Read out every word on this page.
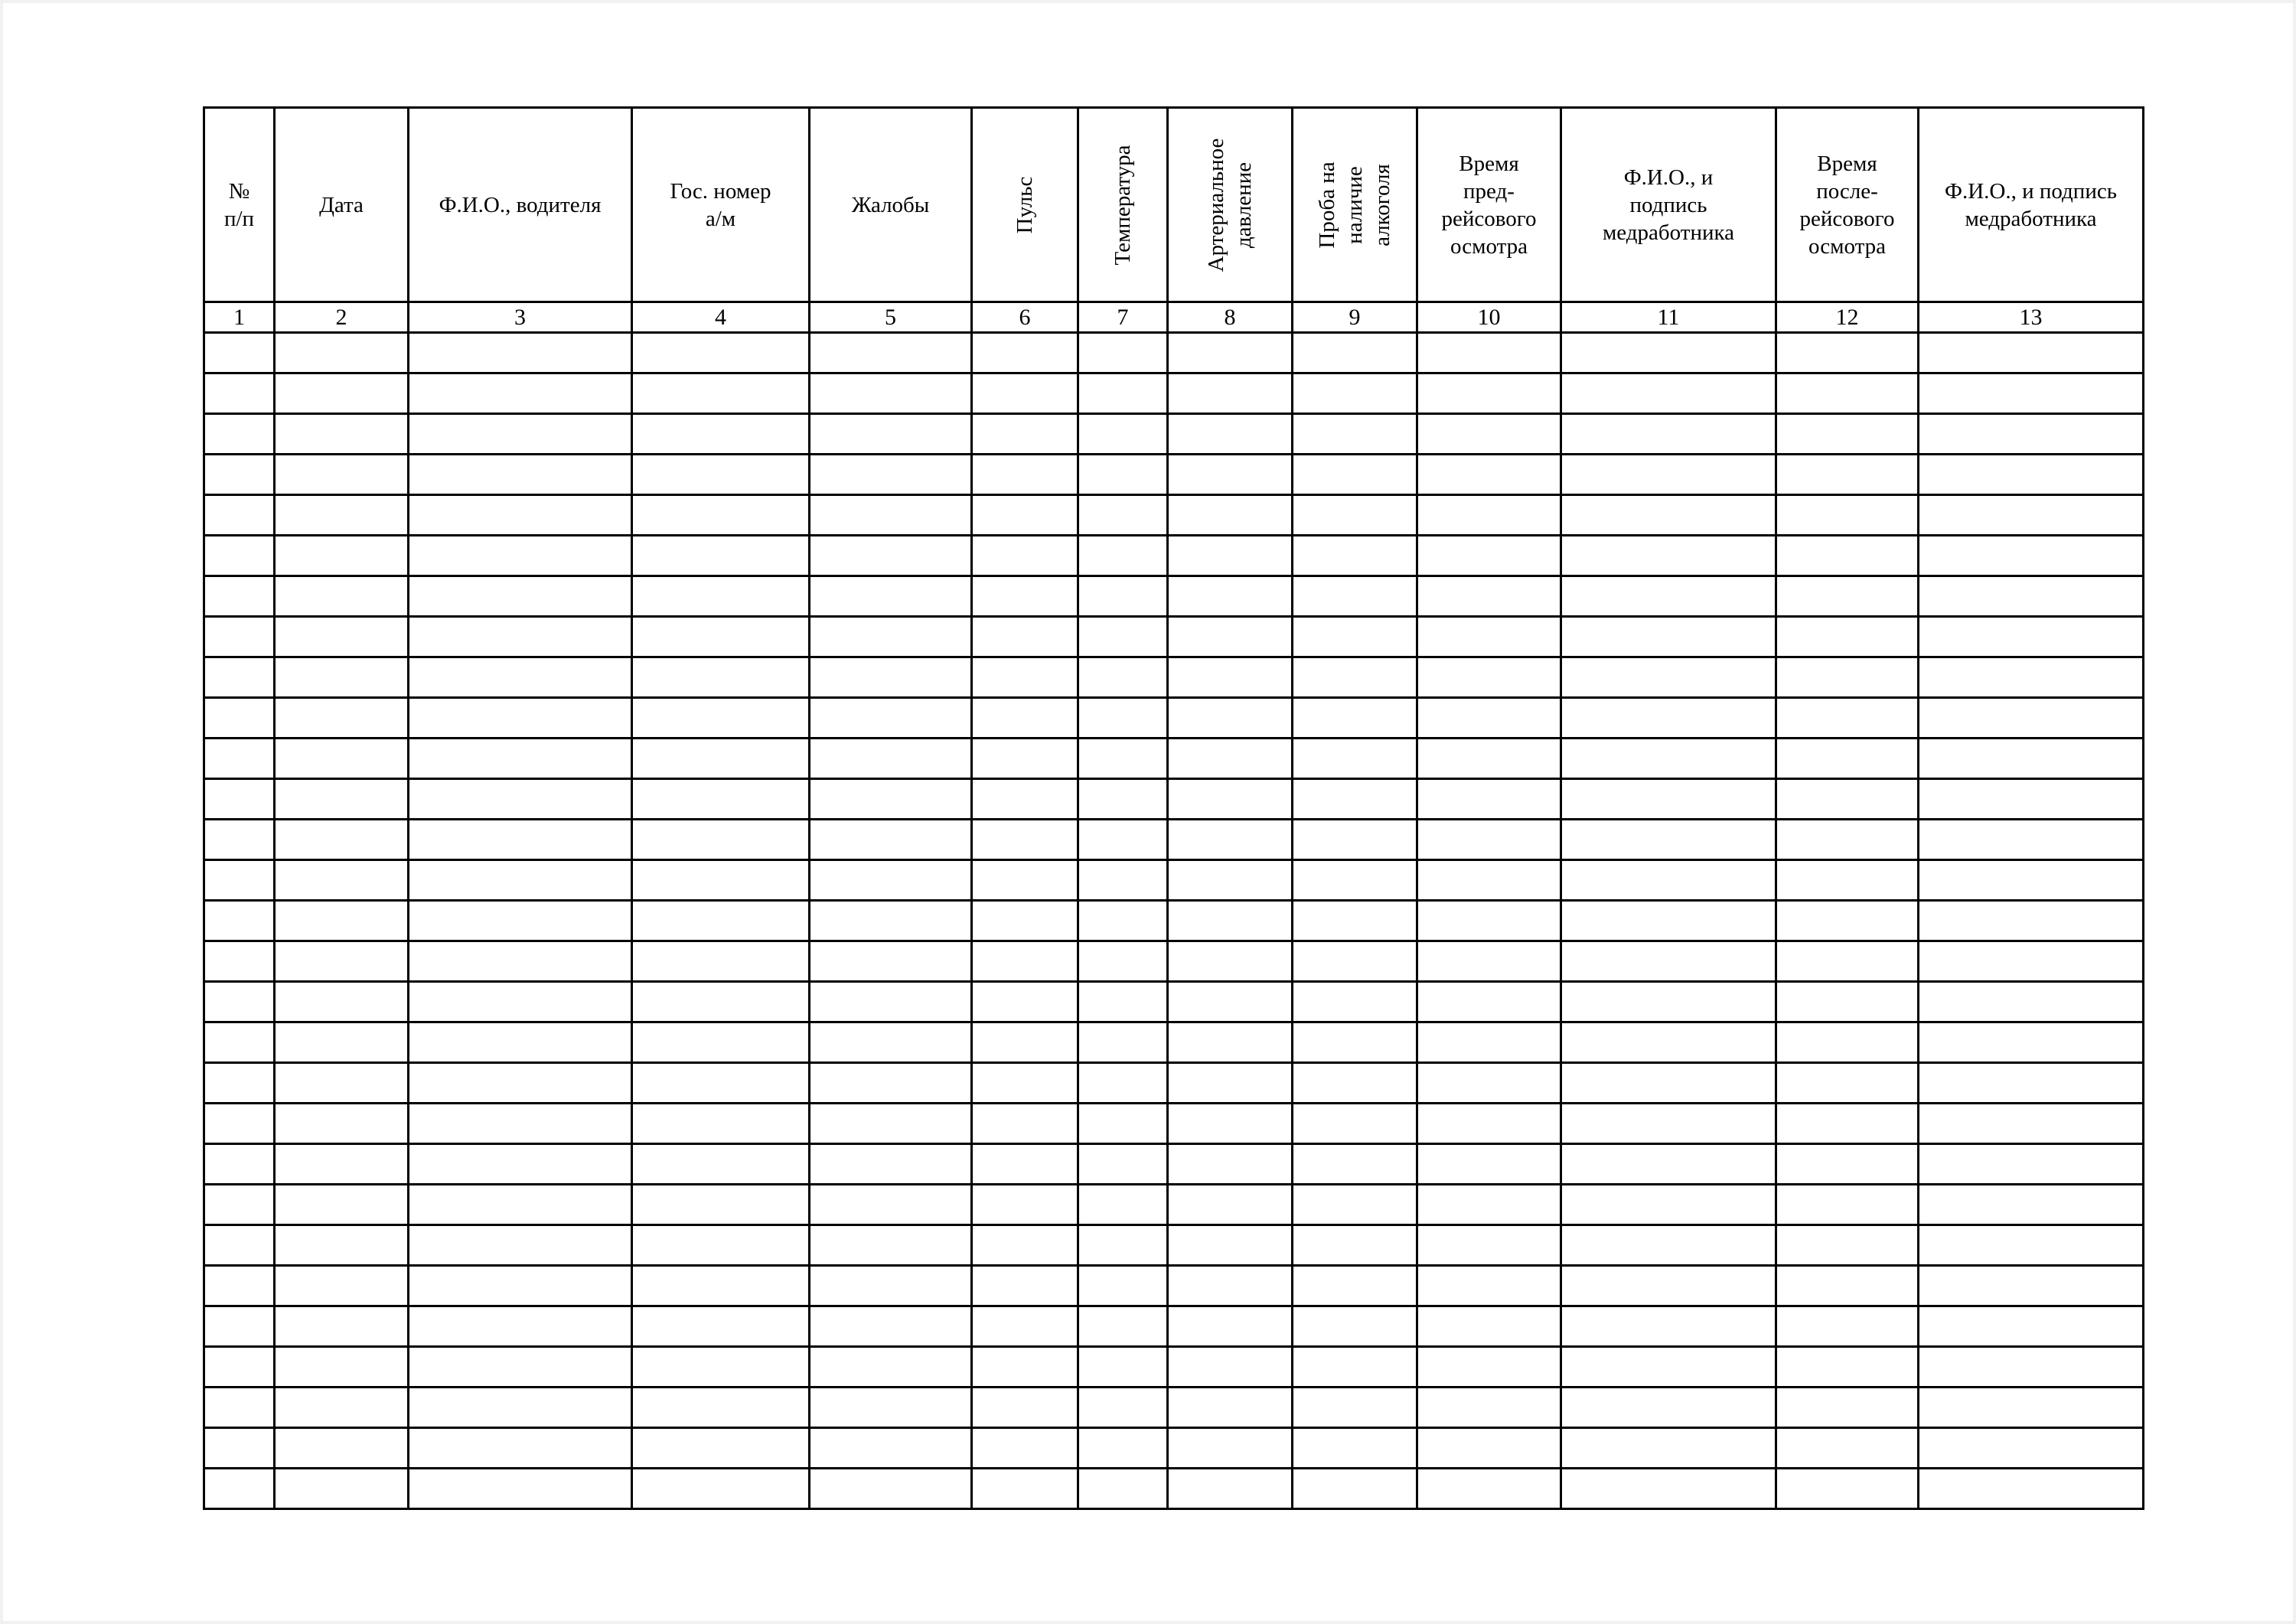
№
п/п	Дата	Ф.И.О., водителя	Гос. номер
а/м	Жалобы	Пульс	Температура	Артериальное
давление	Проба на
наличие
алкоголя	Время
пред-
рейсового
осмотра	Ф.И.О., и
подпись
медработника	Время
после-
рейсового
осмотра	Ф.И.О., и подпись
медработника

1	2	3	4	5	6	7	8	9	10	11	12	13
